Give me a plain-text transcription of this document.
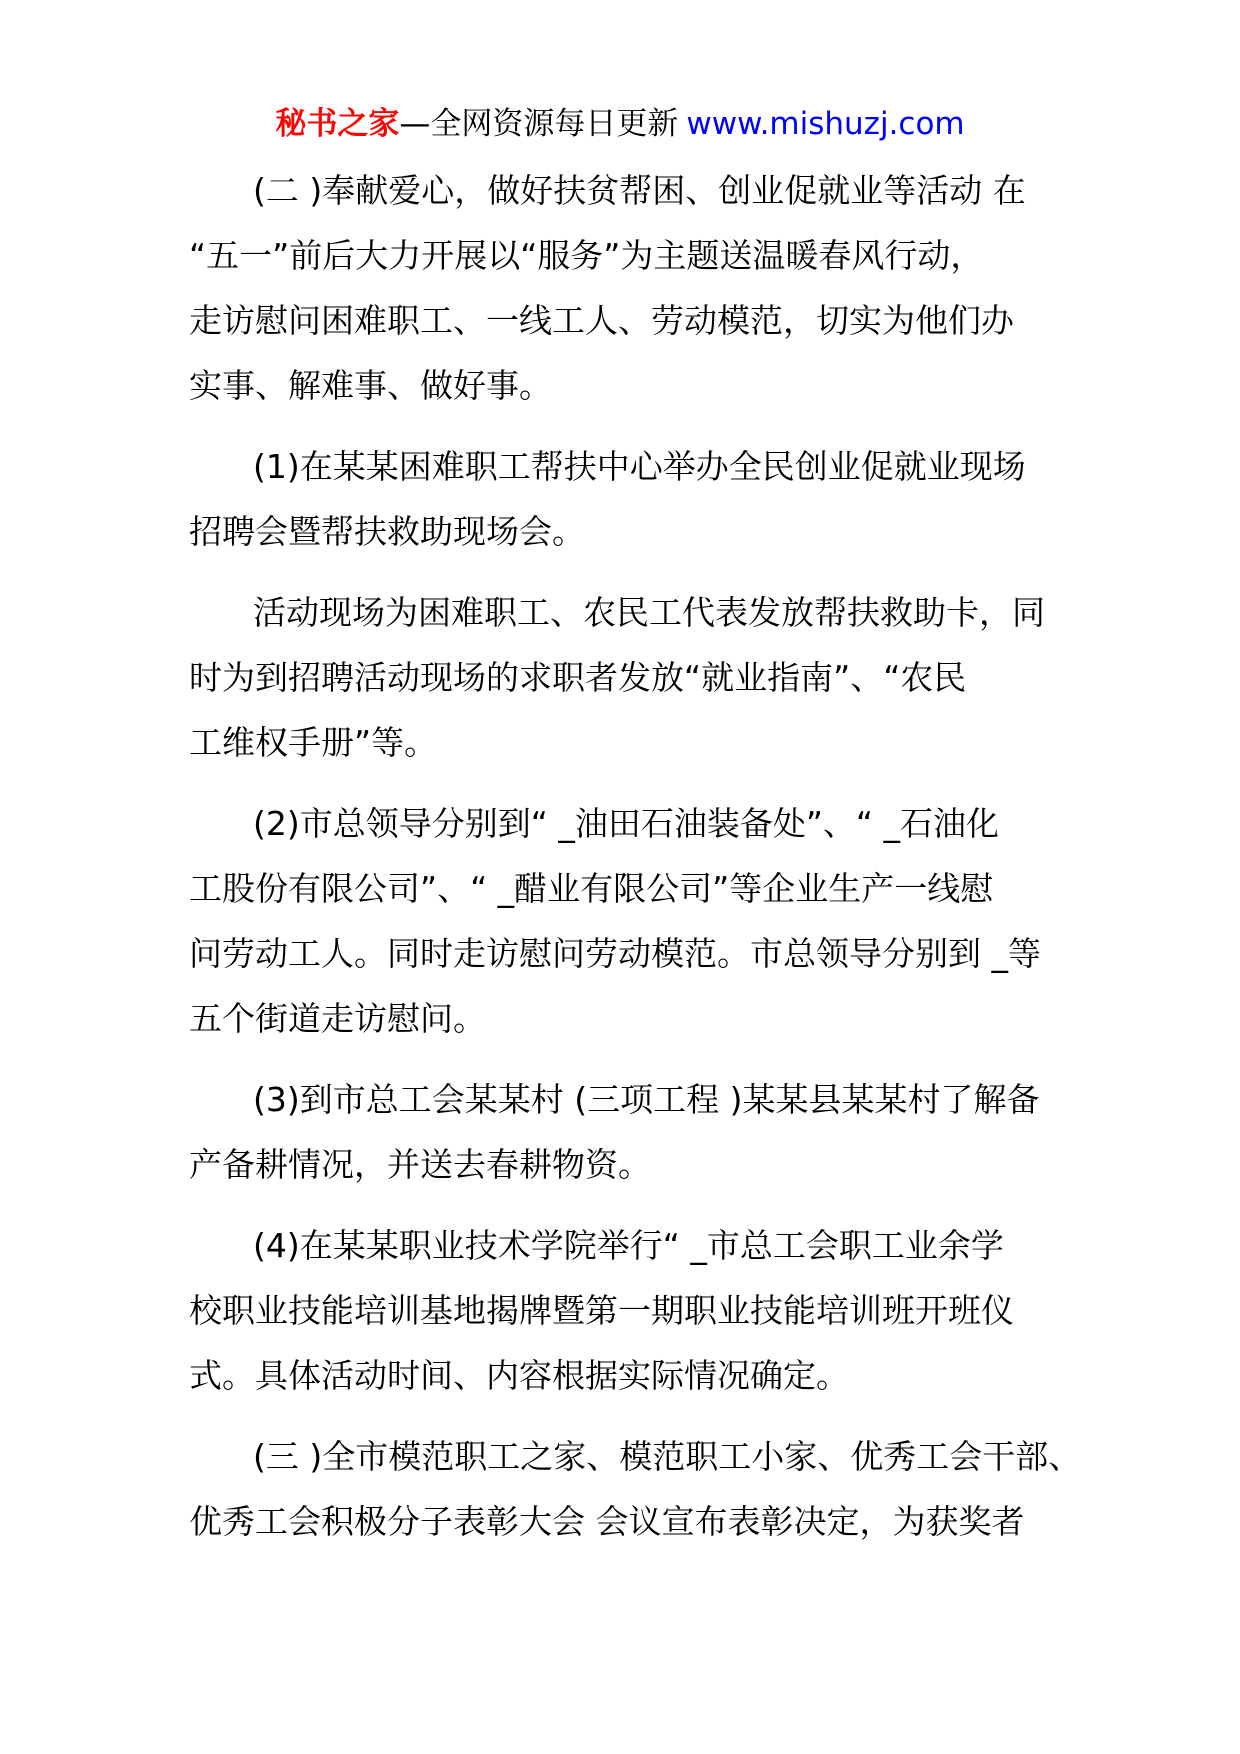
秘书之家—全网资源每日更新 www.mishuzj.com
(二 )奉献爱心，做好扶贫帮困、创业促就业等活动 在
“五一”前后大力开展以“服务”为主题送温暖春风行动，
走访慰问困难职工、一线工人、劳动模范，切实为他们办
实事、解难事、做好事。
(1)在某某困难职工帮扶中心举办全民创业促就业现场
招聘会暨帮扶救助现场会。
活动现场为困难职工、农民工代表发放帮扶救助卡，同
时为到招聘活动现场的求职者发放“就业指南”、“农民
工维权手册”等。
(2)市总领导分别到“ _油田石油装备处”、“ _石油化
工股份有限公司”、“ _醋业有限公司”等企业生产一线慰
问劳动工人。同时走访慰问劳动模范。市总领导分别到 _等
五个街道走访慰问。
(3)到市总工会某某村 (三项工程 )某某县某某村了解备
产备耕情况，并送去春耕物资。
(4)在某某职业技术学院举行“ _市总工会职工业余学
校职业技能培训基地揭牌暨第一期职业技能培训班开班仪
式。具体活动时间、内容根据实际情况确定。
(三 )全市模范职工之家、模范职工小家、优秀工会干部、
优秀工会积极分子表彰大会 会议宣布表彰决定，为获奖者
